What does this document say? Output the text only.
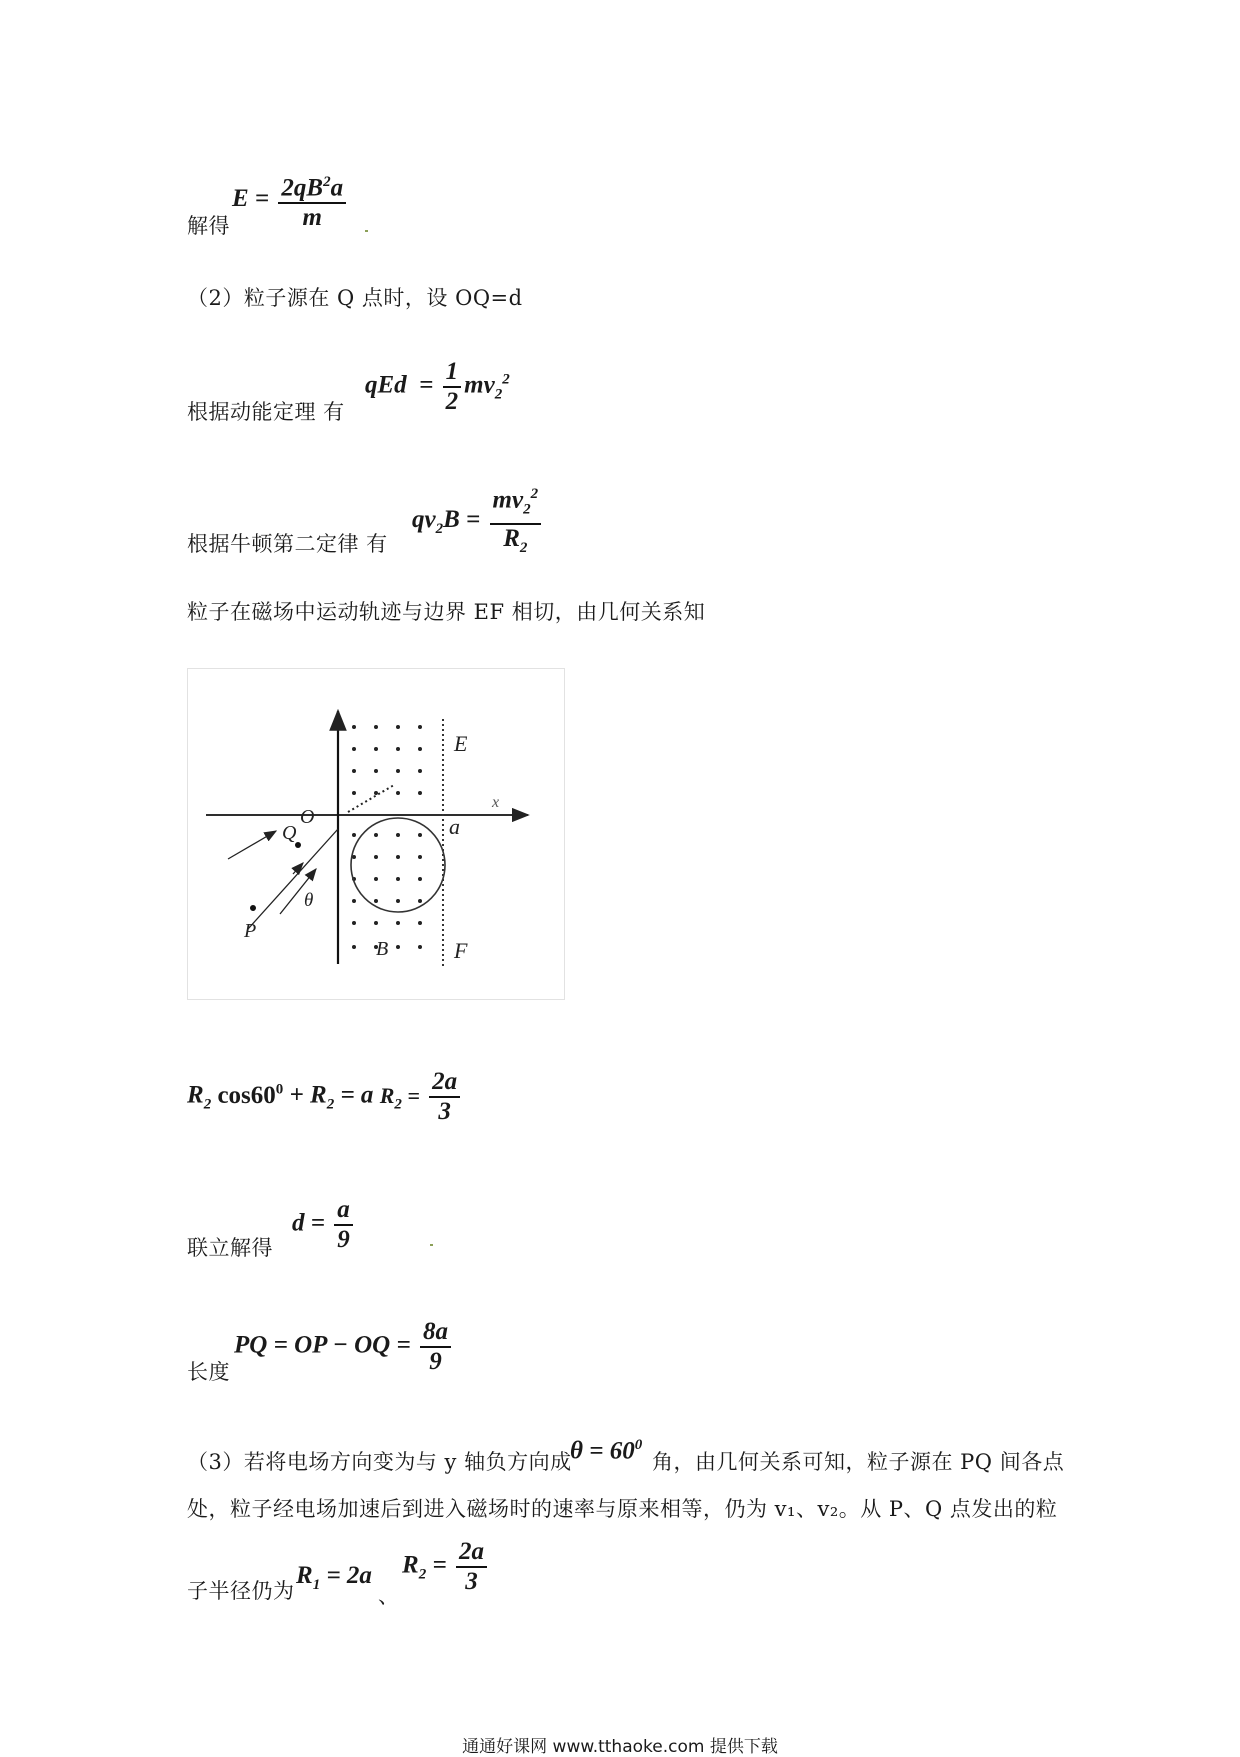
解得
$E = \frac{2qB^2a}{m}$
（2）粒子源在 Q 点时，设 OQ=d
根据动能定理 有
qEd  = $\frac{1}{2} mv_2^2$
根据牛顿第二定律 有
$qv_2B = \frac{mv_2^2}{R_2}$
粒子在磁场中运动轨迹与边界 EF 相切，由几何关系知
O
Q
P
θ
E
F
a
B
x
$R_2$ $\cos 60^0 + R_2 = a$ $R_2 = \frac{2a}{3}$
联立解得
$d = \frac{a}{9}$
长度
PQ = OP − OQ = $\frac{8a}{9}$
（3）若将电场方向变为与 y 轴负方向成
$\theta = 60^0$
角，由几何关系可知，粒子源在 PQ 间各点
处，粒子经电场加速后到进入磁场时的速率与原来相等，仍为 v₁、v₂。从 P、Q 点发出的粒
子半径仍为
$R_1 = 2a$
、
$R_2 = \frac{2a}{3}$
通通好课网 www.tthaoke.com 提供下载
